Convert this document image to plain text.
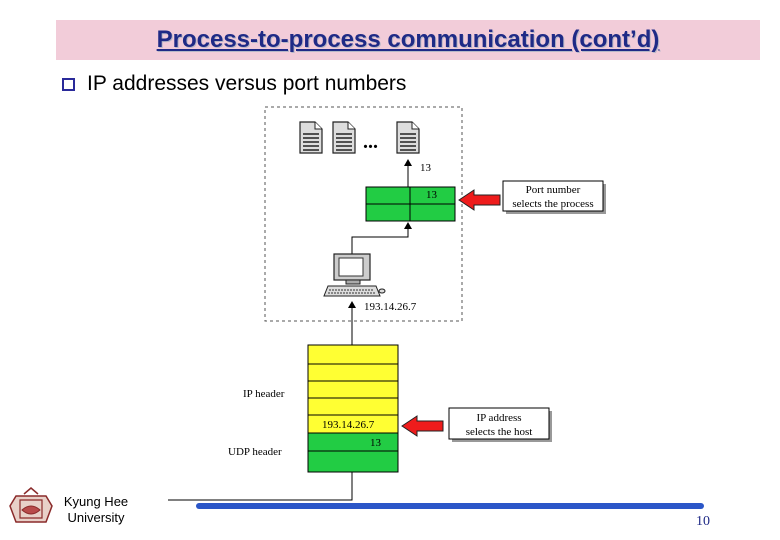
Process-to-process communication (cont’d)
IP addresses versus port numbers
...
13
13
193.14.26.7
Port number
selects the process
193.14.26.7
13
IP header
UDP header
IP address
selects the host
Kyung Hee
University	10
